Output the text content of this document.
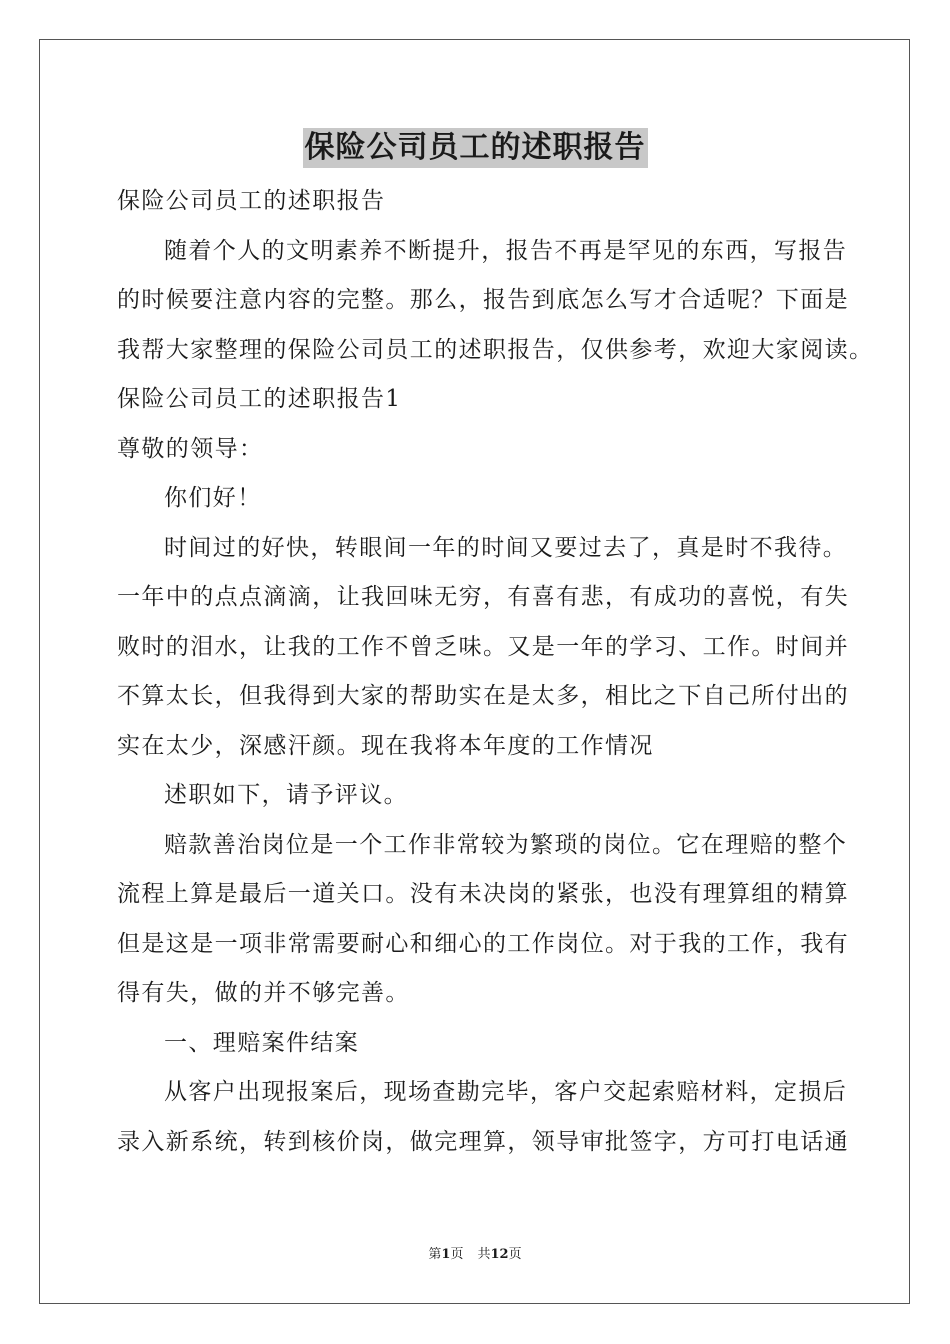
保险公司员工的述职报告
保险公司员工的述职报告
随着个人的文明素养不断提升，报告不再是罕见的东西，写报告
的时候要注意内容的完整。那么，报告到底怎么写才合适呢？下面是
我帮大家整理的保险公司员工的述职报告，仅供参考，欢迎大家阅读。
保险公司员工的述职报告1
尊敬的领导：
你们好！
时间过的好快，转眼间一年的时间又要过去了，真是时不我待。
一年中的点点滴滴，让我回味无穷，有喜有悲，有成功的喜悦，有失
败时的泪水，让我的工作不曾乏味。又是一年的学习、工作。时间并
不算太长，但我得到大家的帮助实在是太多，相比之下自己所付出的
实在太少，深感汗颜。现在我将本年度的工作情况
述职如下，请予评议。
赔款善治岗位是一个工作非常较为繁琐的岗位。它在理赔的整个
流程上算是最后一道关口。没有未决岗的紧张，也没有理算组的精算
但是这是一项非常需要耐心和细心的工作岗位。对于我的工作，我有
得有失，做的并不够完善。
一、理赔案件结案
从客户出现报案后，现场查勘完毕，客户交起索赔材料，定损后
录入新系统，转到核价岗，做完理算，领导审批签字，方可打电话通
第1页 共12页
